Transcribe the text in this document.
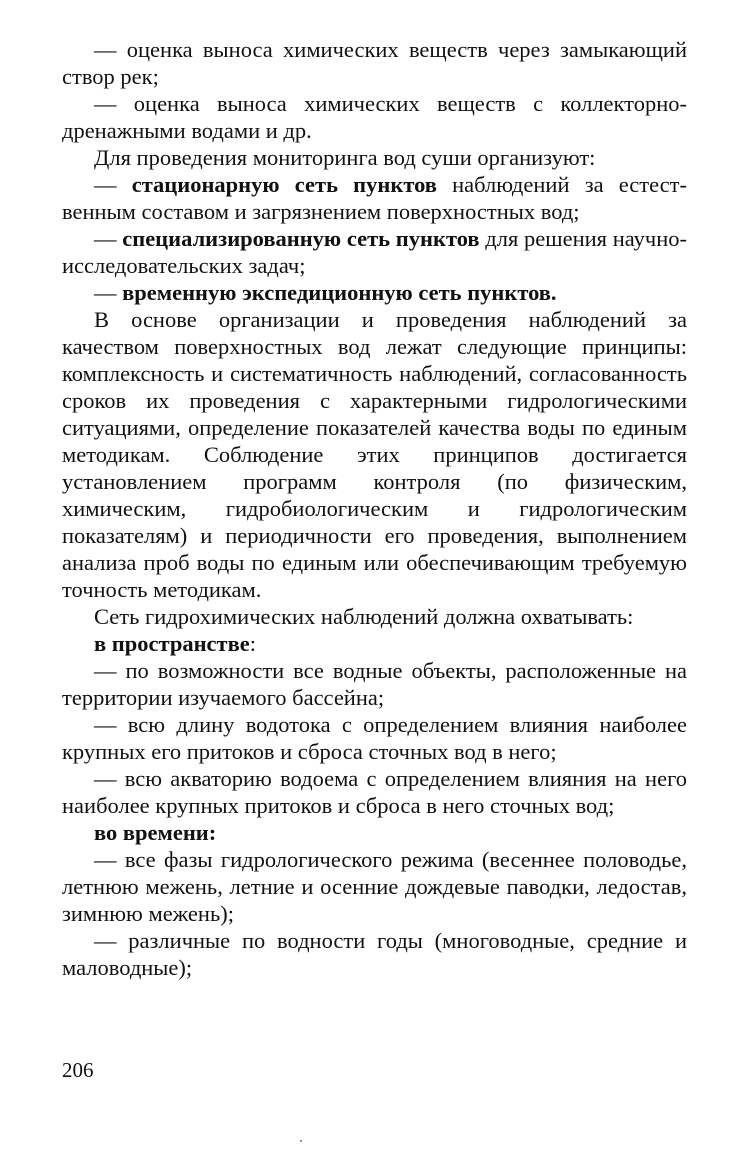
— оценка выноса химических веществ через замыкающий створ рек;

— оценка выноса химических веществ с коллекторно-дренажными водами и др.

Для проведения мониторинга вод суши организуют:

— стационарную сеть пунктов наблюдений за естественным составом и загрязнением поверхностных вод;

— специализированную сеть пунктов для решения научно-исследовательских задач;

— временную экспедиционную сеть пунктов.

В основе организации и проведения наблюдений за качеством поверхностных вод лежат следующие принципы: комплексность и систематичность наблюдений, согласованность сроков их проведения с характерными гидрологическими ситуациями, определение показателей качества воды по единым методикам. Соблюдение этих принципов достигается установлением программ контроля (по физическим, химическим, гидробиологическим и гидрологическим показателям) и периодичности его проведения, выполнением анализа проб воды по единым или обеспечивающим требуемую точность методикам.

Сеть гидрохимических наблюдений должна охватывать:

в пространстве:

— по возможности все водные объекты, расположенные на территории изучаемого бассейна;

— всю длину водотока с определением влияния наиболее крупных его притоков и сброса сточных вод в него;

— всю акваторию водоема с определением влияния на него наиболее крупных притоков и сброса в него сточных вод;

во времени:

— все фазы гидрологического режима (весеннее половодье, летнюю межень, летние и осенние дождевые паводки, ледостав, зимнюю межень);

— различные по водности годы (многоводные, средние и маловодные);

206
